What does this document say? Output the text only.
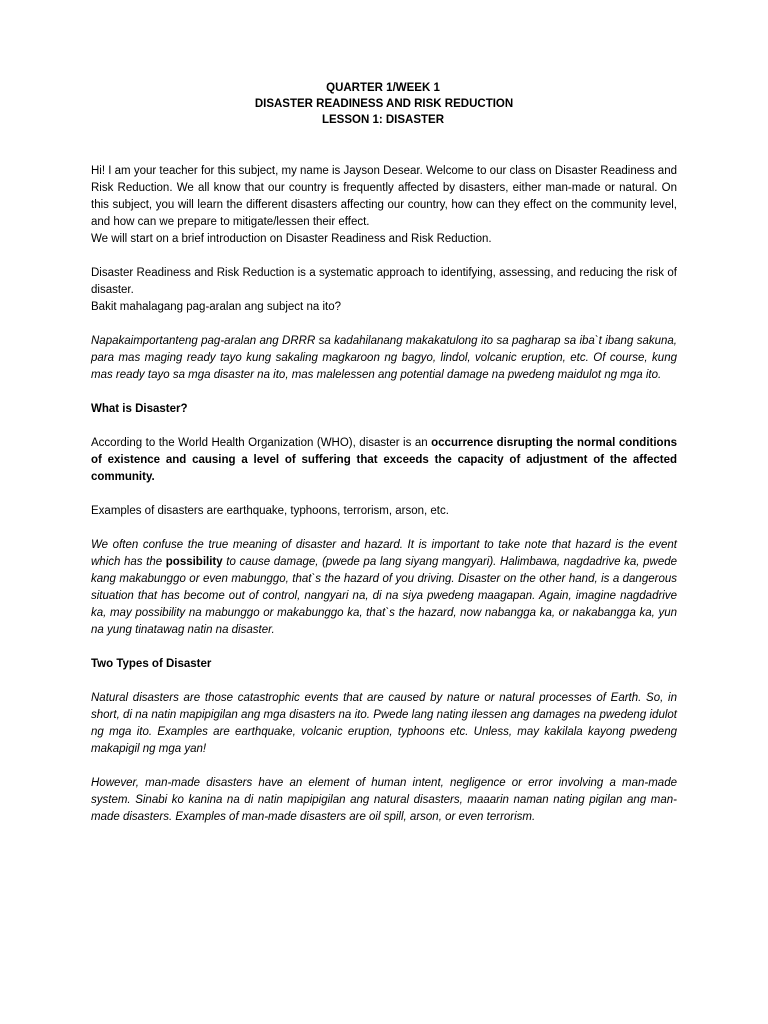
QUARTER 1/WEEK 1
DISASTER READINESS AND RISK REDUCTION
LESSON 1: DISASTER

Hi! I am your teacher for this subject, my name is Jayson Desear. Welcome to our class on Disaster Readiness and Risk Reduction. We all know that our country is frequently affected by disasters, either man-made or natural. On this subject, you will learn the different disasters affecting our country, how can they effect on the community level, and how can we prepare to mitigate/lessen their effect.

We will start on a brief introduction on Disaster Readiness and Risk Reduction.

Disaster Readiness and Risk Reduction is a systematic approach to identifying, assessing, and reducing the risk of disaster.

Bakit mahalagang pag-aralan ang subject na ito?

Napakaimportanteng pag-aralan ang DRRR sa kadahilanang makakatulong ito sa pagharap sa iba`t ibang sakuna, para mas maging ready tayo kung sakaling magkaroon ng bagyo, lindol, volcanic eruption, etc. Of course, kung mas ready tayo sa mga disaster na ito, mas malelessen ang potential damage na pwedeng maidulot ng mga ito.

What is Disaster?

According to the World Health Organization (WHO), disaster is an occurrence disrupting the normal conditions of existence and causing a level of suffering that exceeds the capacity of adjustment of the affected community.

Examples of disasters are earthquake, typhoons, terrorism, arson, etc.

We often confuse the true meaning of disaster and hazard. It is important to take note that hazard is the event which has the possibility to cause damage, (pwede pa lang siyang mangyari). Halimbawa, nagdadrive ka, pwede kang makabunggo or even mabunggo, that`s the hazard of you driving. Disaster on the other hand, is a dangerous situation that has become out of control, nangyari na, di na siya pwedeng maagapan. Again, imagine nagdadrive ka, may possibility na mabunggo or makabunggo ka, that`s the hazard, now nabangga ka, or nakabangga ka, yun na yung tinatawag natin na disaster.

Two Types of Disaster

Natural disasters are those catastrophic events that are caused by nature or natural processes of Earth. So, in short, di na natin mapipigilan ang mga disasters na ito. Pwede lang nating ilessen ang damages na pwedeng idulot ng mga ito. Examples are earthquake, volcanic eruption, typhoons etc. Unless, may kakilala kayong pwedeng makapigil ng mga yan!

However, man-made disasters have an element of human intent, negligence or error involving a man-made system. Sinabi ko kanina na di natin mapipigilan ang natural disasters, maaarin naman nating pigilan ang man-made disasters. Examples of man-made disasters are oil spill, arson, or even terrorism.
